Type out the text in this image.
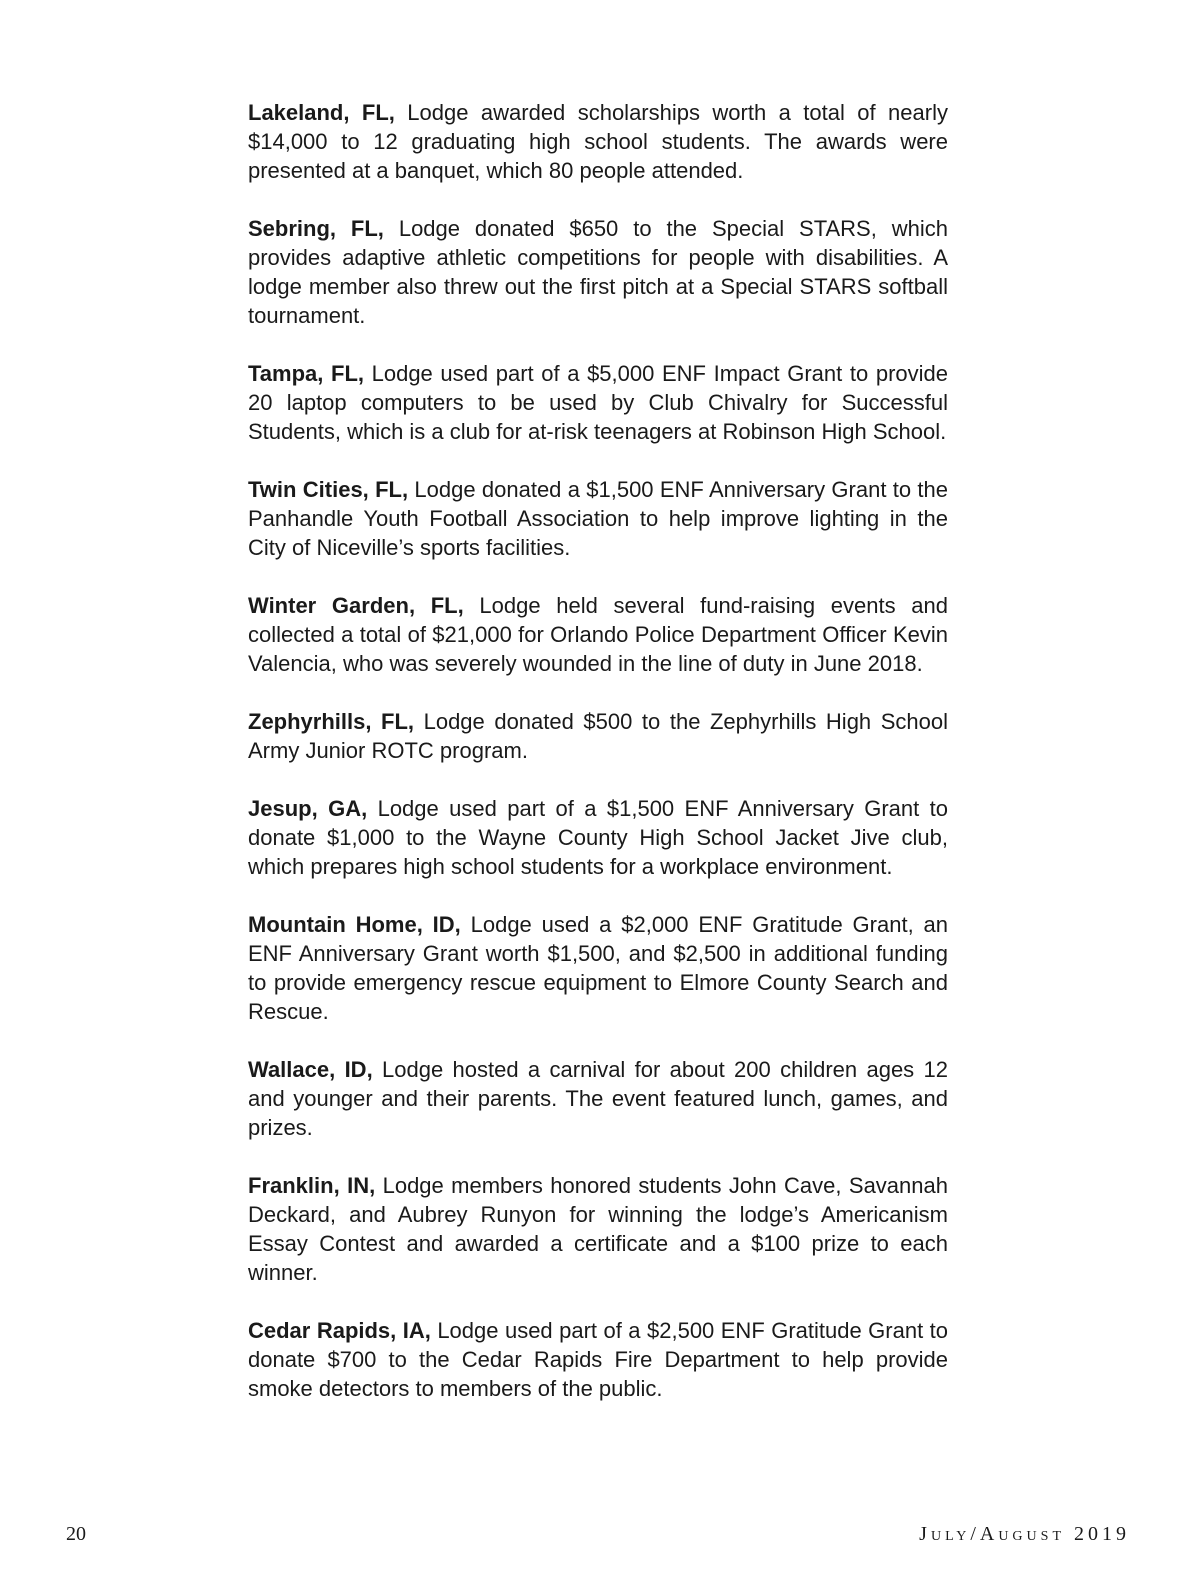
Lakeland, FL, Lodge awarded scholarships worth a total of nearly $14,000 to 12 graduating high school students. The awards were presented at a banquet, which 80 people attended.

Sebring, FL, Lodge donated $650 to the Special STARS, which provides adaptive athletic competitions for people with disabilities. A lodge member also threw out the first pitch at a Special STARS softball tournament.

Tampa, FL, Lodge used part of a $5,000 ENF Impact Grant to provide 20 laptop computers to be used by Club Chivalry for Successful Students, which is a club for at-risk teenagers at Robinson High School.

Twin Cities, FL, Lodge donated a $1,500 ENF Anniversary Grant to the Panhandle Youth Football Association to help improve lighting in the City of Niceville’s sports facilities.

Winter Garden, FL, Lodge held several fund-raising events and collected a total of $21,000 for Orlando Police Department Officer Kevin Valencia, who was severely wounded in the line of duty in June 2018.

Zephyrhills, FL, Lodge donated $500 to the Zephyrhills High School Army Junior ROTC program.

Jesup, GA, Lodge used part of a $1,500 ENF Anniversary Grant to donate $1,000 to the Wayne County High School Jacket Jive club, which prepares high school students for a workplace environment.

Mountain Home, ID, Lodge used a $2,000 ENF Gratitude Grant, an ENF Anniversary Grant worth $1,500, and $2,500 in additional funding to provide emergency rescue equipment to Elmore County Search and Rescue.

Wallace, ID, Lodge hosted a carnival for about 200 children ages 12 and younger and their parents. The event featured lunch, games, and prizes.

Franklin, IN, Lodge members honored students John Cave, Savannah Deckard, and Aubrey Runyon for winning the lodge’s Americanism Essay Contest and awarded a certificate and a $100 prize to each winner.

Cedar Rapids, IA, Lodge used part of a $2,500 ENF Gratitude Grant to donate $700 to the Cedar Rapids Fire Department to help provide smoke detectors to members of the public.

20	July/August 2019
